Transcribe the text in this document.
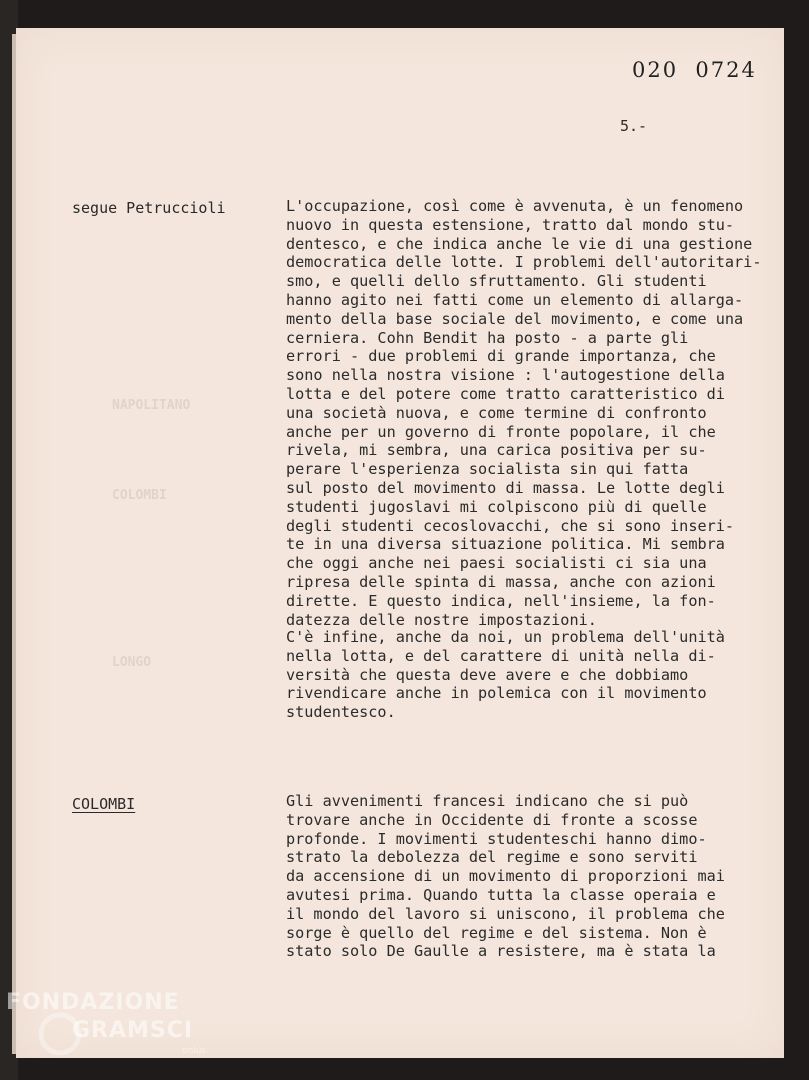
020  0724
5.-
NAPOLITANO
COLOMBI
LONGO
segue Petruccioli	L'occupazione, così come è avvenuta, è un fenomeno
nuovo in questa estensione, tratto dal mondo stu-
dentesco, e che indica anche le vie di una gestione
democratica delle lotte. I problemi dell'autoritari-
smo, e quelli dello sfruttamento. Gli studenti
hanno agito nei fatti come un elemento di allarga-
mento della base sociale del movimento, e come una
cerniera. Cohn Bendit ha posto - a parte gli
errori - due problemi di grande importanza, che
sono nella nostra visione : l'autogestione della
lotta e del potere come tratto caratteristico di
una società nuova, e come termine di confronto
anche per un governo di fronte popolare, il che
rivela, mi sembra, una carica positiva per su-
perare l'esperienza socialista sin qui fatta
sul posto del movimento di massa. Le lotte degli
studenti jugoslavi mi colpiscono più di quelle
degli studenti cecoslovacchi, che si sono inseri-
te in una diversa situazione politica. Mi sembra
che oggi anche nei paesi socialisti ci sia una
ripresa delle spinta di massa, anche con azioni
dirette. E questo indica, nell'insieme, la fon-
datezza delle nostre impostazioni.
C'è infine, anche da noi, un problema dell'unità
nella lotta, e del carattere di unità nella di-
versità che questa deve avere e che dobbiamo
rivendicare anche in polemica con il movimento
studentesco.
COLOMBI	Gli avvenimenti francesi indicano che si può
trovare anche in Occidente di fronte a scosse
profonde. I movimenti studenteschi hanno dimo-
strato la debolezza del regime e sono serviti
da accensione di un movimento di proporzioni mai
avutesi prima. Quando tutta la classe operaia e
il mondo del lavoro si uniscono, il problema che
sorge è quello del regime e del sistema. Non è
stato solo De Gaulle a resistere, ma è stata la
FONDAZIONE
GRAMSCI
onlus
